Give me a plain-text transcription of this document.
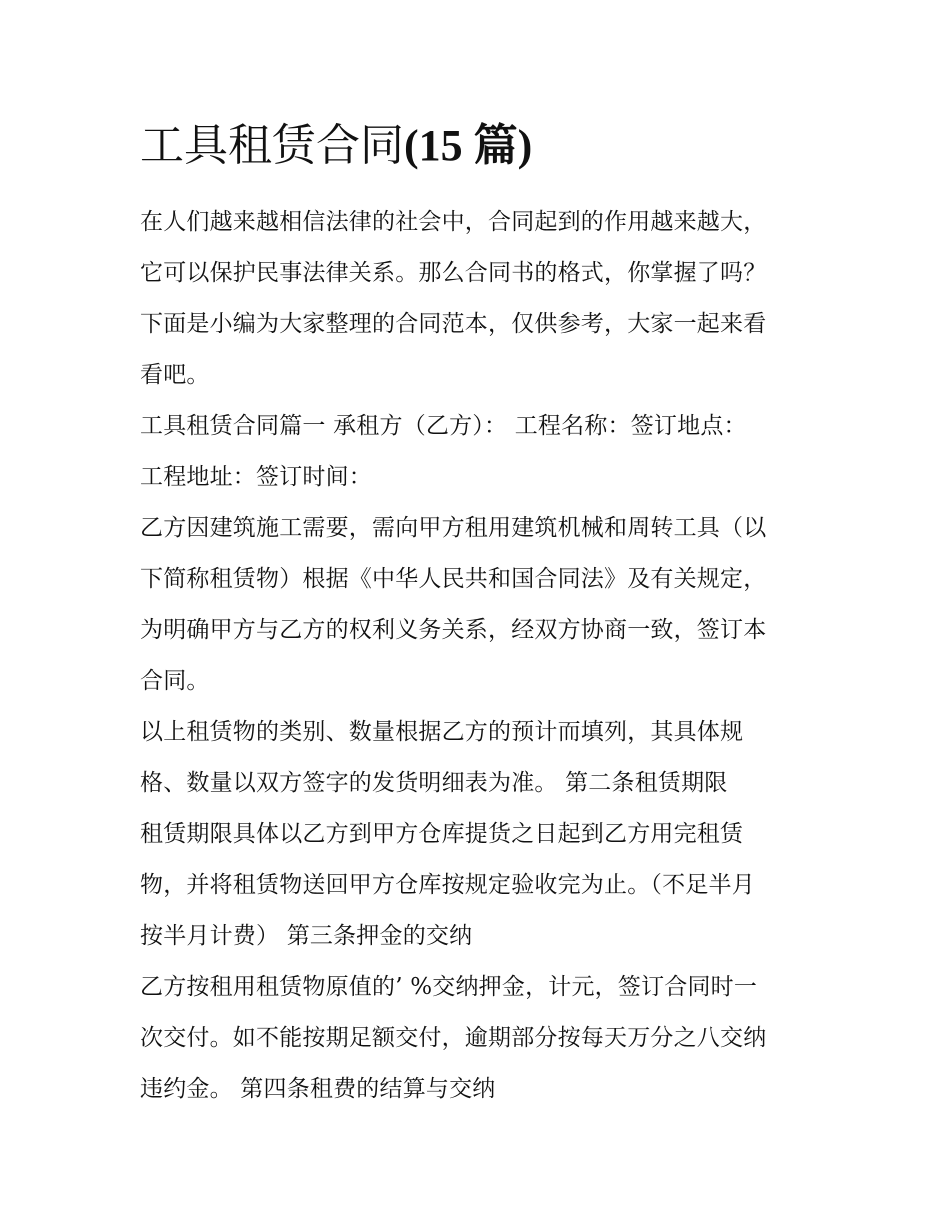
工具租赁合同(15 篇)

在人们越来越相信法律的社会中，合同起到的作用越来越大，

它可以保护民事法律关系。那么合同书的格式，你掌握了吗？

下面是小编为大家整理的合同范本，仅供参考，大家一起来看

看吧。

工具租赁合同篇一 承租方（乙方）： 工程名称：签订地点：

工程地址：签订时间：

乙方因建筑施工需要，需向甲方租用建筑机械和周转工具（以

下简称租赁物）根据《中华人民共和国合同法》及有关规定，

为明确甲方与乙方的权利义务关系，经双方协商一致，签订本

合同。

以上租赁物的类别、数量根据乙方的预计而填列，其具体规

格、数量以双方签字的发货明细表为准。 第二条租赁期限

租赁期限具体以乙方到甲方仓库提货之日起到乙方用完租赁

物，并将租赁物送回甲方仓库按规定验收完为止。（不足半月

按半月计费） 第三条押金的交纳

乙方按租用租赁物原值的’ %交纳押金，计元，签订合同时一

次交付。如不能按期足额交付，逾期部分按每天万分之八交纳

违约金。 第四条租费的结算与交纳
